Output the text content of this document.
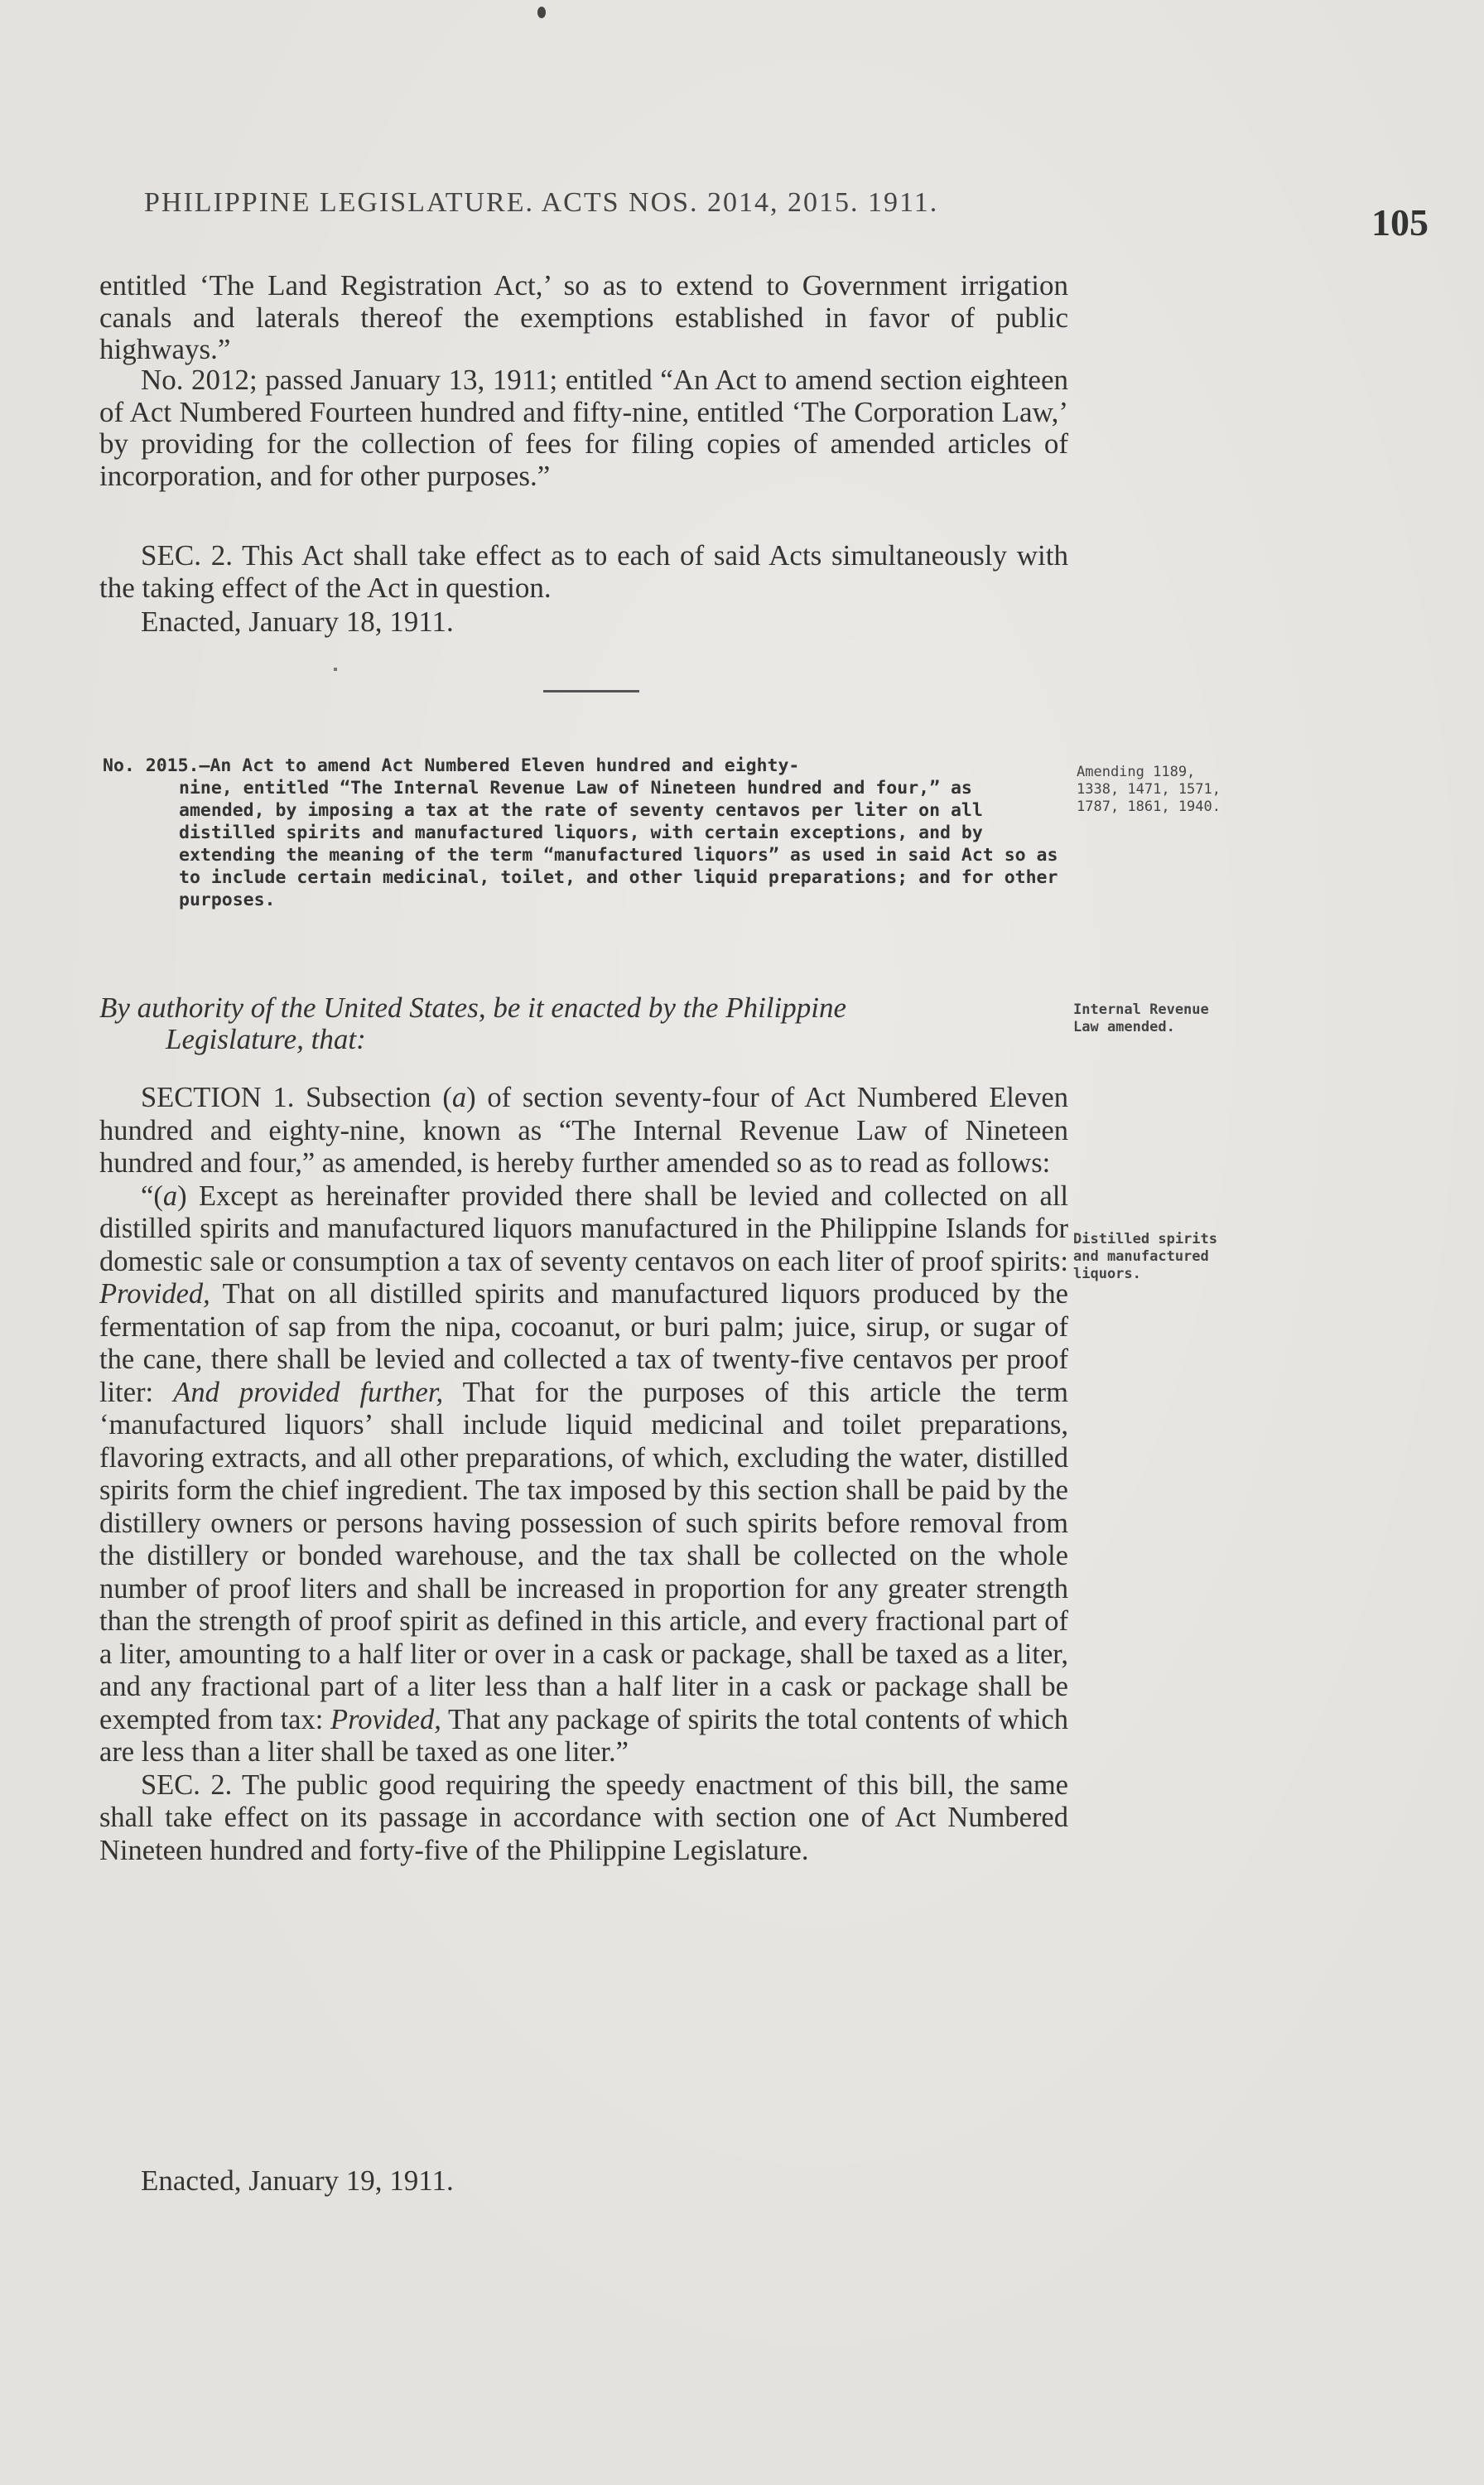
PHILIPPINE LEGISLATURE. ACTS NOS. 2014, 2015. 1911.	105

entitled ‘The Land Registration Act,’ so as to extend to Government irrigation canals and laterals thereof the exemptions established in favor of public highways.”

No. 2012; passed January 13, 1911; entitled “An Act to amend section eighteen of Act Numbered Fourteen hundred and fifty-nine, entitled ‘The Corporation Law,’ by providing for the collection of fees for filing copies of amended articles of incorporation, and for other purposes.”

SEC. 2. This Act shall take effect as to each of said Acts simultaneously with the taking effect of the Act in question.

Enacted, January 18, 1911.

No. 2015.—An Act to amend Act Numbered Eleven hundred and eighty-

nine, entitled “The Internal Revenue Law of Nineteen hundred and four,” as amended, by imposing a tax at the rate of seventy centavos per liter on all distilled spirits and manufactured liquors, with certain exceptions, and by extending the meaning of the term “manufactured liquors” as used in said Act so as to include certain medicinal, toilet, and other liquid preparations; and for other purposes.

Amending 1189,
1338, 1471, 1571,
1787, 1861, 1940.
By authority of the United States, be it enacted by the Philippine
Legislature, that:
Internal Revenue
Law amended.

SECTION 1. Subsection (a) of section seventy-four of Act Numbered Eleven hundred and eighty-nine, known as “The Internal Revenue Law of Nineteen hundred and four,” as amended, is hereby further amended so as to read as follows:

“(a) Except as hereinafter provided there shall be levied and collected on all distilled spirits and manufactured liquors manufactured in the Philippine Islands for domestic sale or consumption a tax of seventy centavos on each liter of proof spirits: Provided, That on all distilled spirits and manufactured liquors produced by the fermentation of sap from the nipa, cocoanut, or buri palm; juice, sirup, or sugar of the cane, there shall be levied and collected a tax of twenty-five centavos per proof liter: And provided further, That for the purposes of this article the term ‘manufactured liquors’ shall include liquid medicinal and toilet preparations, flavoring extracts, and all other preparations, of which, excluding the water, distilled spirits form the chief ingredient. The tax imposed by this section shall be paid by the distillery owners or persons having possession of such spirits before removal from the distillery or bonded warehouse, and the tax shall be collected on the whole number of proof liters and shall be increased in proportion for any greater strength than the strength of proof spirit as defined in this article, and every fractional part of a liter, amounting to a half liter or over in a cask or package, shall be taxed as a liter, and any fractional part of a liter less than a half liter in a cask or package shall be exempted from tax: Provided, That any package of spirits the total contents of which are less than a liter shall be taxed as one liter.”

SEC. 2. The public good requiring the speedy enactment of this bill, the same shall take effect on its passage in accordance with section one of Act Numbered Nineteen hundred and forty-five of the Philippine Legislature.

Distilled spirits
and manufactured
liquors.
Enacted, January 19, 1911.
